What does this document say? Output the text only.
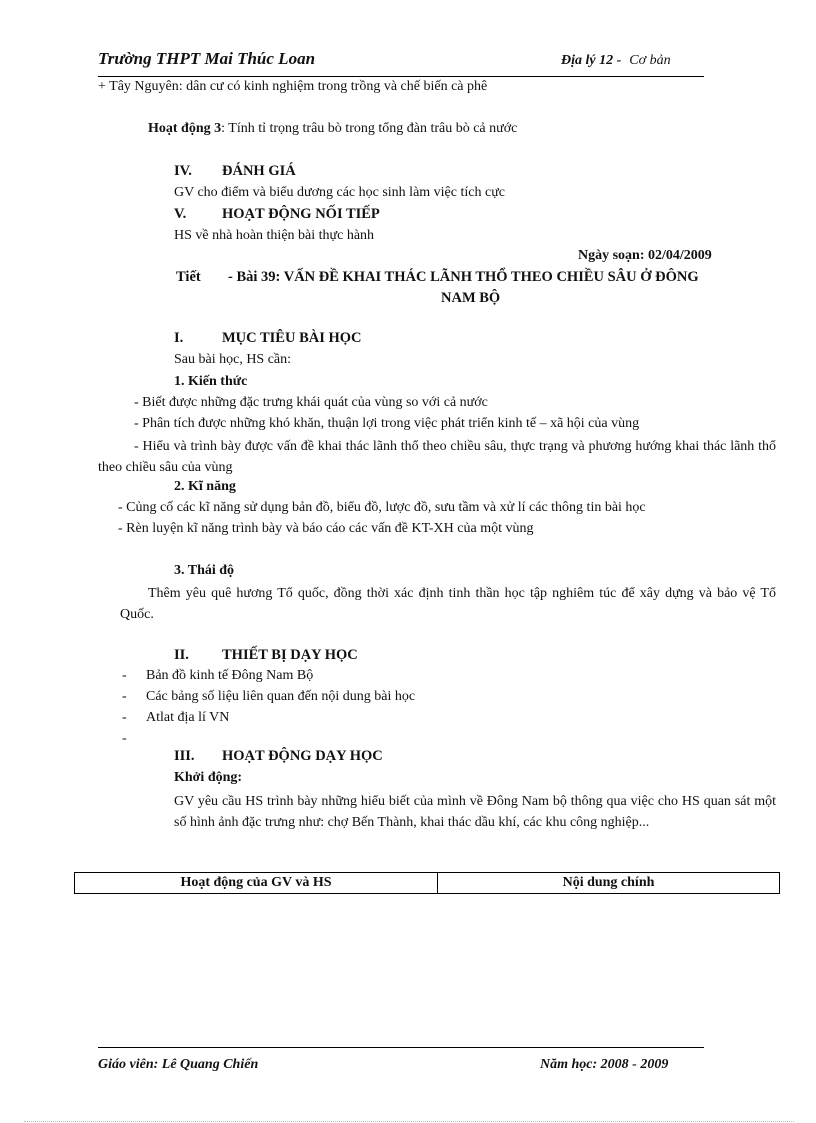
Trường THPT Mai Thúc Loan	Địa lý 12 - Cơ bản
+ Tây Nguyên: dân cư có kinh nghiệm trong trồng và chế biến cà phê
Hoạt động 3: Tính tỉ trọng trâu bò trong tổng đàn trâu bò cả nước
IV. ĐÁNH GIÁ
GV cho điểm và biểu dương các học sinh làm việc tích cực
V. HOẠT ĐỘNG NỐI TIẾP
HS về nhà hoàn thiện bài thực hành
Ngày soạn: 02/04/2009
Tiết - Bài 39: VẤN ĐỀ KHAI THÁC LÃNH THỔ THEO CHIỀU SÂU Ở ĐÔNG
NAM BỘ
I.	MỤC TIÊU BÀI HỌC
Sau bài học, HS cần:
1. Kiến thức
- Biết được những đặc trưng khái quát của vùng so với cả nước
- Phân tích được những khó khăn, thuận lợi trong việc phát triển kinh tế – xã hội của vùng
- Hiểu và trình bày được vấn đề khai thác lãnh thổ theo chiều sâu, thực trạng và phương hướng khai thác lãnh thổ theo chiều sâu của vùng
2. Kĩ năng
- Củng cố các kĩ năng sử dụng bản đồ, biểu đồ, lược đồ, sưu tầm và xử lí các thông tin bài học
- Rèn luyện kĩ năng trình bày và báo cáo các vấn đề KT-XH của một vùng
3. Thái độ
Thêm yêu quê hương Tổ quốc, đồng thời xác định tinh thần học tập nghiêm túc để xây dựng và bảo vệ Tổ Quốc.
II. THIẾT BỊ DẠY HỌC
- Bản đồ kinh tế Đông Nam Bộ
- Các bảng số liệu liên quan đến nội dung bài học
- Atlat địa lí VN
-
III. HOẠT ĐỘNG DẠY HỌC
Khởi động:
GV yêu cầu HS trình bày những hiểu biết của mình về Đông Nam bộ thông qua việc cho HS quan sát một số hình ảnh đặc trưng như: chợ Bến Thành, khai thác dầu khí, các khu công nghiệp...
Hoạt động của GV và HS	Nội dung chính
Giáo viên: Lê Quang Chiến	Năm học: 2008 - 2009
